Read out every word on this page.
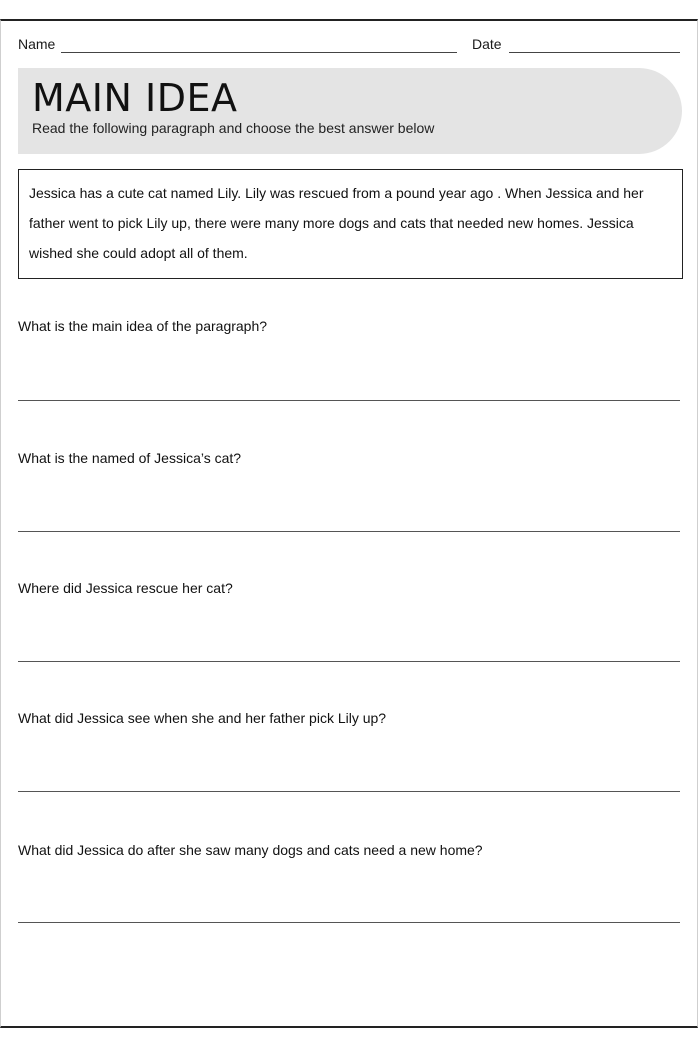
Name	Date
MAIN IDEA
Read the following paragraph and choose the best answer below
Jessica has a cute cat named Lily. Lily was rescued from a pound year ago . When Jessica and her father went to pick Lily up, there were many more dogs and cats that needed new homes. Jessica wished she could adopt all of them.
What is the main idea of the paragraph?
What is the named of Jessica’s cat?
Where did Jessica rescue her cat?
What did Jessica see when she and her father pick Lily up?
What did Jessica do after she saw many dogs and cats need a new home?
